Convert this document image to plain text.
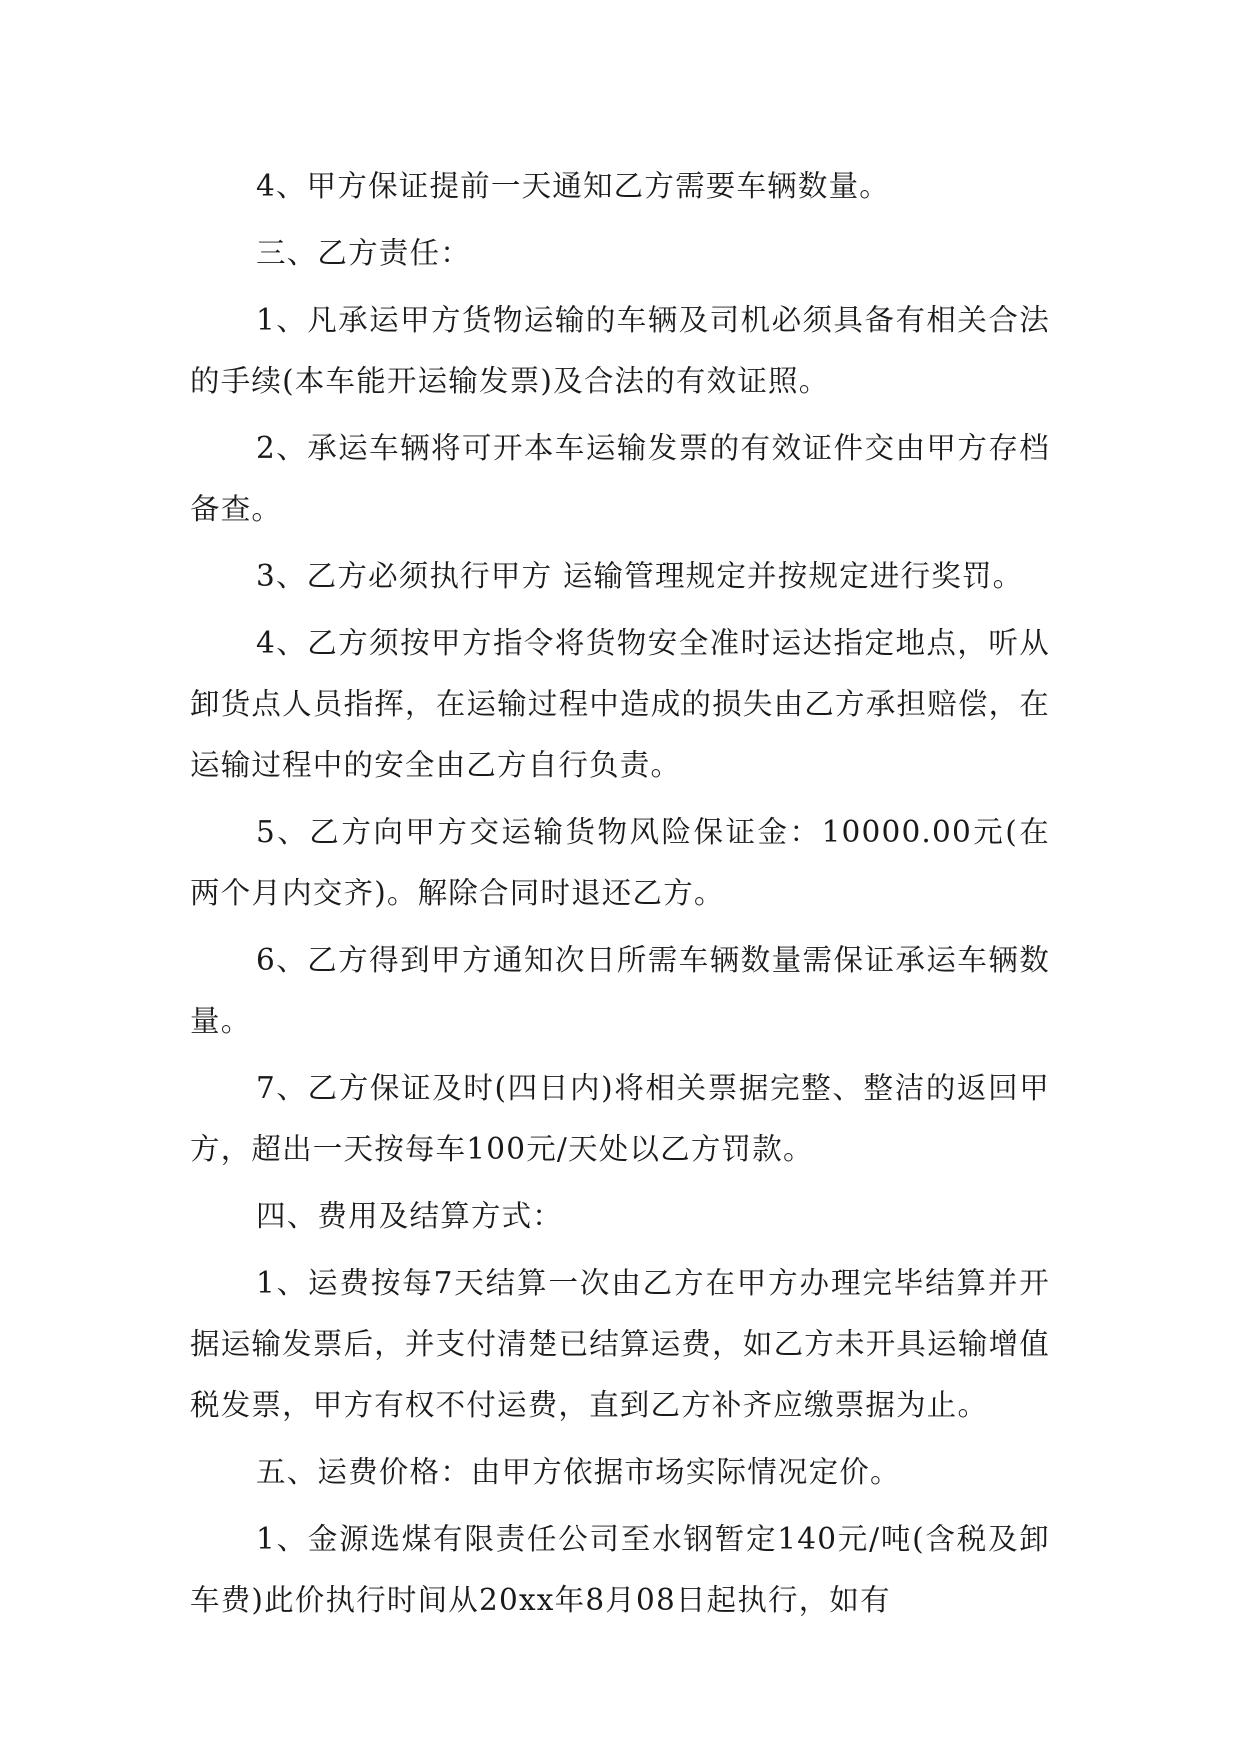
4、甲方保证提前一天通知乙方需要车辆数量。

三、乙方责任：

1、凡承运甲方货物运输的车辆及司机必须具备有相关合法的手续(本车能开运输发票)及合法的有效证照。

2、承运车辆将可开本车运输发票的有效证件交由甲方存档备查。

3、乙方必须执行甲方 运输管理规定并按规定进行奖罚。

4、乙方须按甲方指令将货物安全准时运达指定地点，听从卸货点人员指挥，在运输过程中造成的损失由乙方承担赔偿，在运输过程中的安全由乙方自行负责。

5、乙方向甲方交运输货物风险保证金：10000.00元(在两个月内交齐)。解除合同时退还乙方。

6、乙方得到甲方通知次日所需车辆数量需保证承运车辆数量。

7、乙方保证及时(四日内)将相关票据完整、整洁的返回甲方，超出一天按每车100元/天处以乙方罚款。

四、费用及结算方式：

1、运费按每7天结算一次由乙方在甲方办理完毕结算并开据运输发票后，并支付清楚已结算运费，如乙方未开具运输增值税发票，甲方有权不付运费，直到乙方补齐应缴票据为止。

五、运费价格：由甲方依据市场实际情况定价。

1、金源选煤有限责任公司至水钢暂定140元/吨(含税及卸车费)此价执行时间从20xx年8月08日起执行，如有
